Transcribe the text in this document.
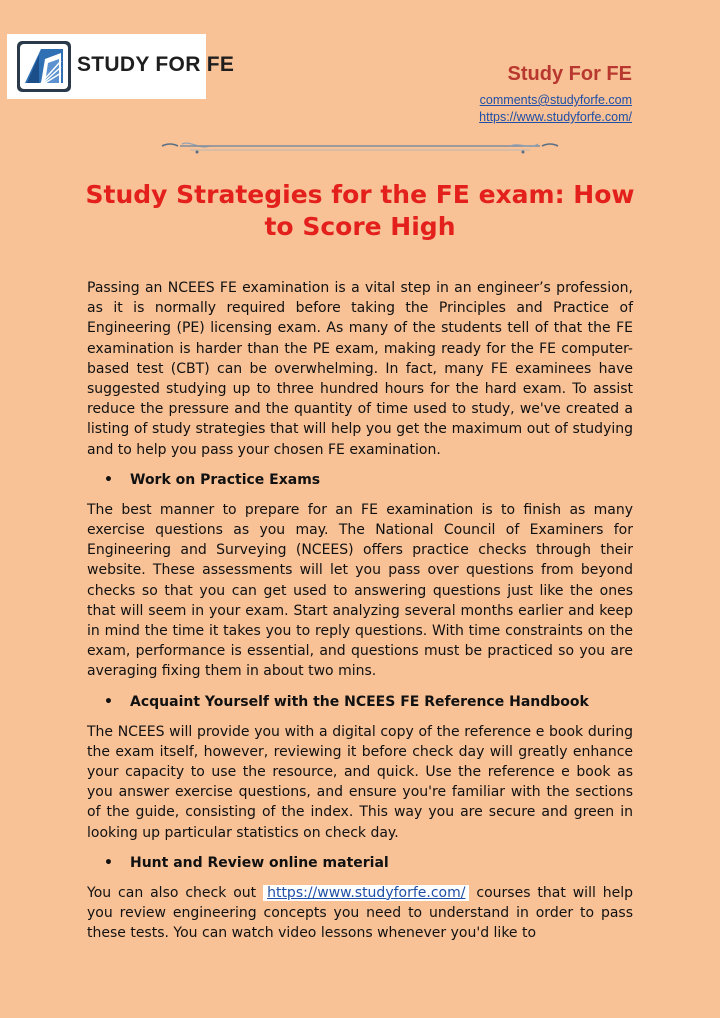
STUDY FOR FE	Study For FE
comments@studyforfe.com
https://www.studyforfe.com/
Study Strategies for the FE exam: How to Score High

Passing an NCEES FE examination is a vital step in an engineer’s profession, as it is normally required before taking the Principles and Practice of Engineering (PE) licensing exam. As many of the students tell of that the FE examination is harder than the PE exam, making ready for the FE computer-based test (CBT) can be overwhelming. In fact, many FE examinees have suggested studying up to three hundred hours for the hard exam. To assist reduce the pressure and the quantity of time used to study, we've created a listing of study strategies that will help you get the maximum out of studying and to help you pass your chosen FE examination.

•	Work on Practice Exams

The best manner to prepare for an FE examination is to finish as many exercise questions as you may. The National Council of Examiners for Engineering and Surveying (NCEES) offers practice checks through their website. These assessments will let you pass over questions from beyond checks so that you can get used to answering questions just like the ones that will seem in your exam. Start analyzing several months earlier and keep in mind the time it takes you to reply questions. With time constraints on the exam, performance is essential, and questions must be practiced so you are averaging fixing them in about two mins.

•	Acquaint Yourself with the NCEES FE Reference Handbook

The NCEES will provide you with a digital copy of the reference e book during the exam itself, however, reviewing it before check day will greatly enhance your capacity to use the resource, and quick. Use the reference e book as you answer exercise questions, and ensure you're familiar with the sections of the guide, consisting of the index. This way you are secure and green in looking up particular statistics on check day.

•	Hunt and Review online material

You can also check out https://www.studyforfe.com/ courses that will help you review engineering concepts you need to understand in order to pass these tests. You can watch video lessons whenever you'd like to
